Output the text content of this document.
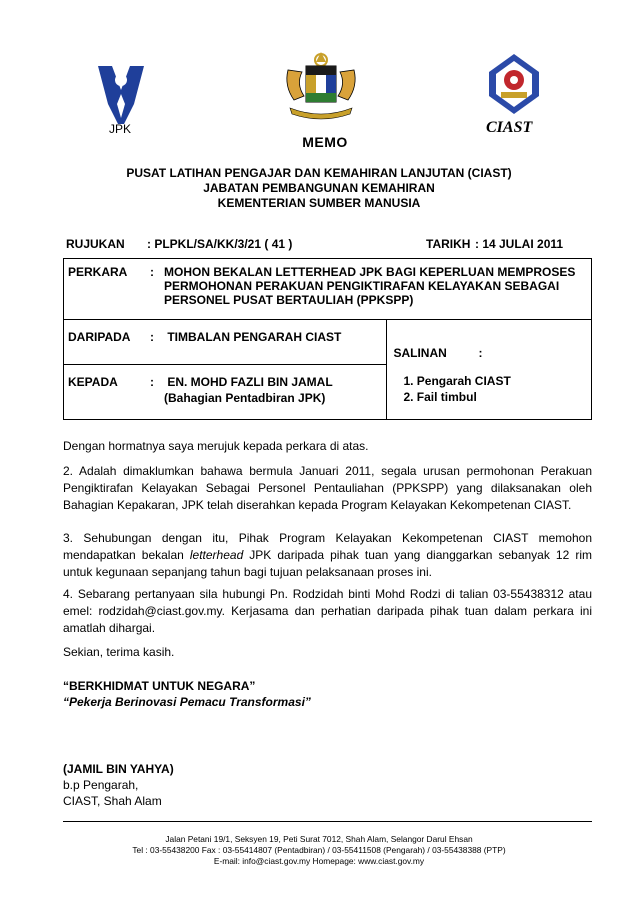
JPK	CIAST
MEMO
PUSAT LATIHAN PENGAJAR DAN KEMAHIRAN LANJUTAN (CIAST)
JABATAN PEMBANGUNAN KEMAHIRAN
KEMENTERIAN SUMBER MANUSIA
RUJUKAN : PLPKL/SA/KK/3/21 ( 41 )	TARIKH : 14 JULAI 2011
PERKARA : MOHON BEKALAN LETTERHEAD JPK BAGI KEPERLUAN MEMPROSES
PERMOHONAN PERAKUAN PENGIKTIRAFAN KELAYAKAN SEBAGAI
PERSONEL PUSAT BERTAULIAH (PPKSPP)

DARIPADA : TIMBALAN PENGARAH CIAST

SALINAN	:
1. Pengarah CIAST
2. Fail timbul

KEPADA	: EN. MOHD FAZLI BIN JAMAL
(Bahagian Pentadbiran JPK)
Dengan hormatnya saya merujuk kepada perkara di atas.
2. Adalah dimaklumkan bahawa bermula Januari 2011, segala urusan permohonan Perakuan Pengiktirafan Kelayakan Sebagai Personel Pentauliahan (PPKSPP) yang dilaksanakan oleh Bahagian Kepakaran, JPK telah diserahkan kepada Program Kelayakan Kekompetenan CIAST.
3. Sehubungan dengan itu, Pihak Program Kelayakan Kekompetenan CIAST memohon mendapatkan bekalan letterhead JPK daripada pihak tuan yang dianggarkan sebanyak 12 rim untuk kegunaan sepanjang tahun bagi tujuan pelaksanaan proses ini.
4. Sebarang pertanyaan sila hubungi Pn. Rodzidah binti Mohd Rodzi di talian 03-55438312 atau emel: rodzidah@ciast.gov.my. Kerjasama dan perhatian daripada pihak tuan dalam perkara ini amatlah dihargai.
Sekian, terima kasih.
“BERKHIDMAT UNTUK NEGARA”
“Pekerja Berinovasi Pemacu Transformasi”
(JAMIL BIN YAHYA)
b.p Pengarah,
CIAST, Shah Alam
Jalan Petani 19/1, Seksyen 19, Peti Surat 7012, Shah Alam, Selangor Darul Ehsan
Tel : 03-55438200 Fax : 03-55414807 (Pentadbiran) / 03-55411508 (Pengarah) / 03-55438388 (PTP)
E-mail: info@ciast.gov.my Homepage: www.ciast.gov.my
